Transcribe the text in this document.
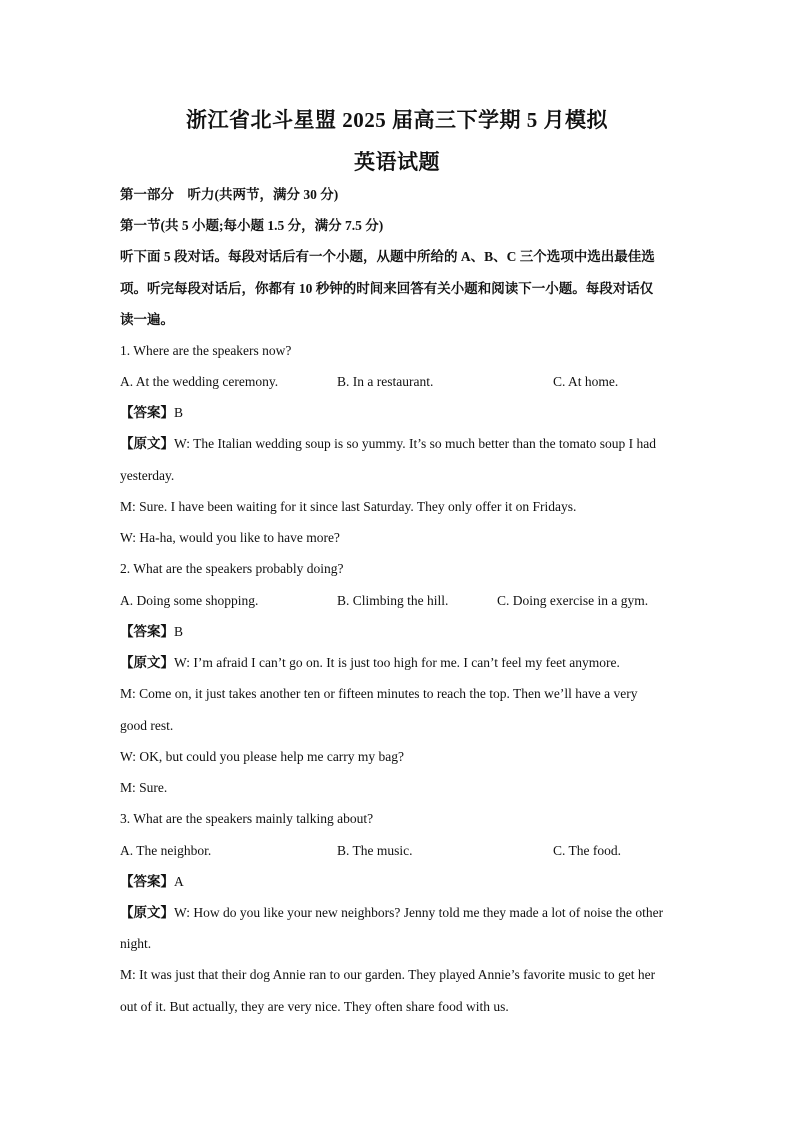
浙江省北斗星盟 2025 届高三下学期 5 月模拟
英语试题
第一部分　听力(共两节，满分 30 分)
第一节(共 5 小题;每小题 1.5 分，满分 7.5 分)
听下面 5 段对话。每段对话后有一个小题，从题中所给的 A、B、C 三个选项中选出最佳选
项。听完每段对话后，你都有 10 秒钟的时间来回答有关小题和阅读下一小题。每段对话仅
读一遍。
1. Where are the speakers now?
A. At the wedding ceremony.	B. In a restaurant.	C. At home.
【答案】B
【原文】W: The Italian wedding soup is so yummy. It’s so much better than the tomato soup I had
yesterday.
M: Sure. I have been waiting for it since last Saturday. They only offer it on Fridays.
W: Ha-ha, would you like to have more?
2. What are the speakers probably doing?
A. Doing some shopping.	B. Climbing the hill.	C. Doing exercise in a gym.
【答案】B
【原文】W: I’m afraid I can’t go on. It is just too high for me. I can’t feel my feet anymore.
M: Come on, it just takes another ten or fifteen minutes to reach the top. Then we’ll have a very
good rest.
W: OK, but could you please help me carry my bag?
M: Sure.
3. What are the speakers mainly talking about?
A. The neighbor.	B. The music.	C. The food.
【答案】A
【原文】W: How do you like your new neighbors? Jenny told me they made a lot of noise the other
night.
M: It was just that their dog Annie ran to our garden. They played Annie’s favorite music to get her
out of it. But actually, they are very nice. They often share food with us.
